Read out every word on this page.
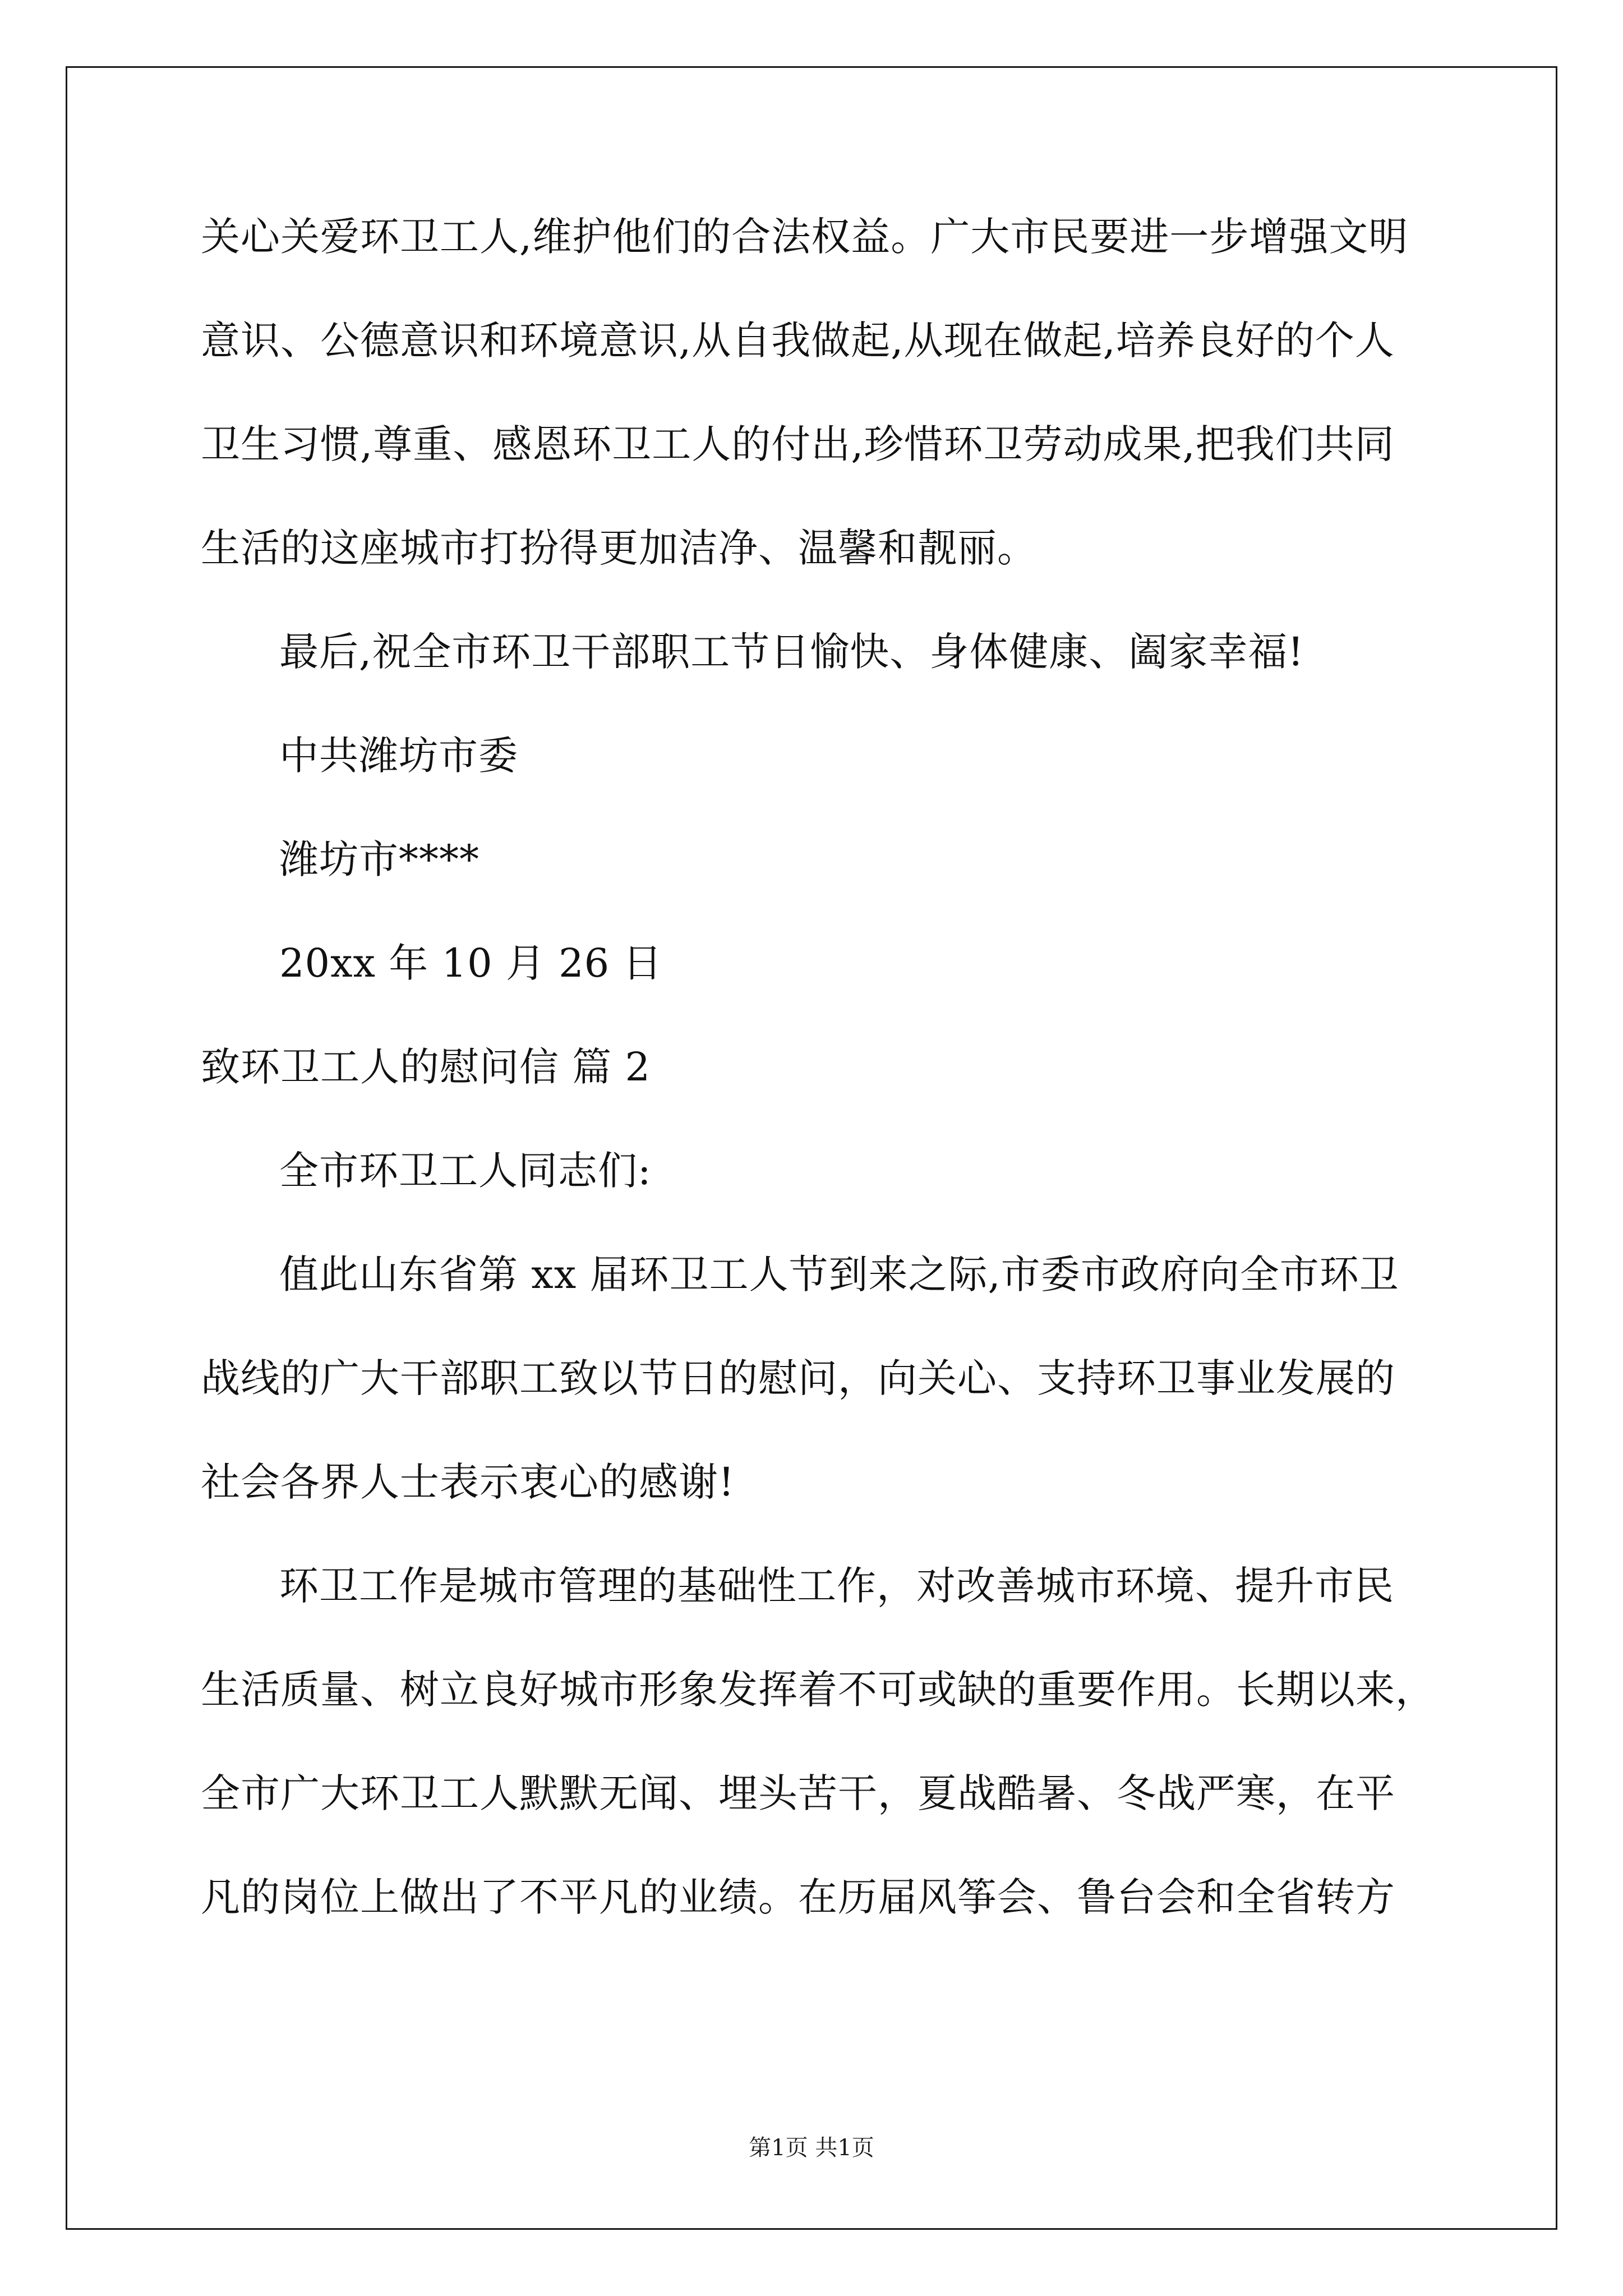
关心关爱环卫工人,维护他们的合法权益。广大市民要进一步增强文明
意识、公德意识和环境意识,从自我做起,从现在做起,培养良好的个人
卫生习惯,尊重、感恩环卫工人的付出,珍惜环卫劳动成果,把我们共同
生活的这座城市打扮得更加洁净、温馨和靓丽。
最后,祝全市环卫干部职工节日愉快、身体健康、阖家幸福!
中共潍坊市委
潍坊市****
20xx 年 10 月 26 日
致环卫工人的慰问信 篇 2
全市环卫工人同志们:
值此山东省第 xx 届环卫工人节到来之际,市委市政府向全市环卫
战线的广大干部职工致以节日的慰问，向关心、支持环卫事业发展的
社会各界人士表示衷心的感谢!
环卫工作是城市管理的基础性工作，对改善城市环境、提升市民
生活质量、树立良好城市形象发挥着不可或缺的重要作用。长期以来，
全市广大环卫工人默默无闻、埋头苦干，夏战酷暑、冬战严寒，在平
凡的岗位上做出了不平凡的业绩。在历届风筝会、鲁台会和全省转方
第1页 共1页
